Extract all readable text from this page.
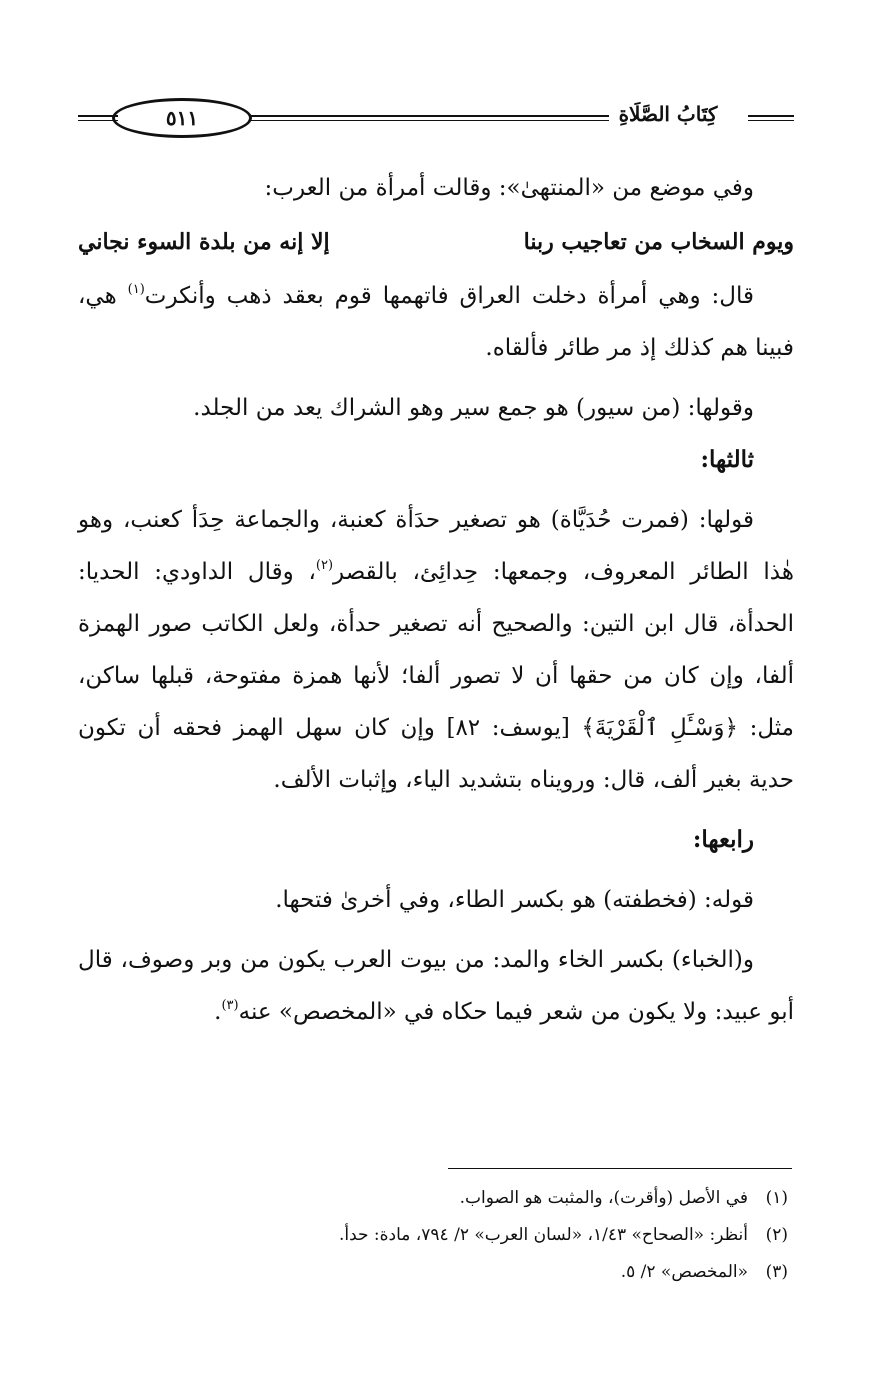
٥١١	كِتَابُ الصَّلَاةِ

وفي موضع من «المنتهىٰ»: وقالت أمرأة من العرب:

ويوم السخاب من تعاجيب ربنا
إلا إنه من بلدة السوء نجاني

قال: وهي أمرأة دخلت العراق فاتهمها قوم بعقد ذهب وأنكرت$^{(١)}$ هي، فبينا هم كذلك إذ مر طائر فألقاه.

وقولها: (من سيور) هو جمع سير وهو الشراك يعد من الجلد.

ثالثها:

قولها: (فمرت حُدَيَّاة) هو تصغير حدَأة كعنبة، والجماعة حِدَأ كعنب، وهو هٰذا الطائر المعروف، وجمعها: حِدائِئ، بالقصر$^{(٢)}$، وقال الداودي: الحديا: الحدأة، قال ابن التين: والصحيح أنه تصغير حدأة، ولعل الكاتب صور الهمزة ألفا، وإن كان من حقها أن لا تصور ألفا؛ لأنها همزة مفتوحة، قبلها ساكن، مثل: ﴿وَسْـَٔلِ ٱلْقَرْيَةَ﴾ [يوسف: ٨٢] وإن كان سهل الهمز فحقه أن تكون حدية بغير ألف، قال: ورويناه بتشديد الياء، وإثبات الألف.

رابعها:

قوله: (فخطفته) هو بكسر الطاء، وفي أخرىٰ فتحها.

و(الخباء) بكسر الخاء والمد: من بيوت العرب يكون من وبر وصوف، قال أبو عبيد: ولا يكون من شعر فيما حكاه في «المخصص» عنه$^{(٣)}$.

(١)
في الأصل (وأقرت)، والمثبت هو الصواب.
(٢)
أنظر: «الصحاح» ١/٤٣، «لسان العرب» ٢/ ٧٩٤، مادة: حدأ.
(٣)
«المخصص» ٢/ ٥.
